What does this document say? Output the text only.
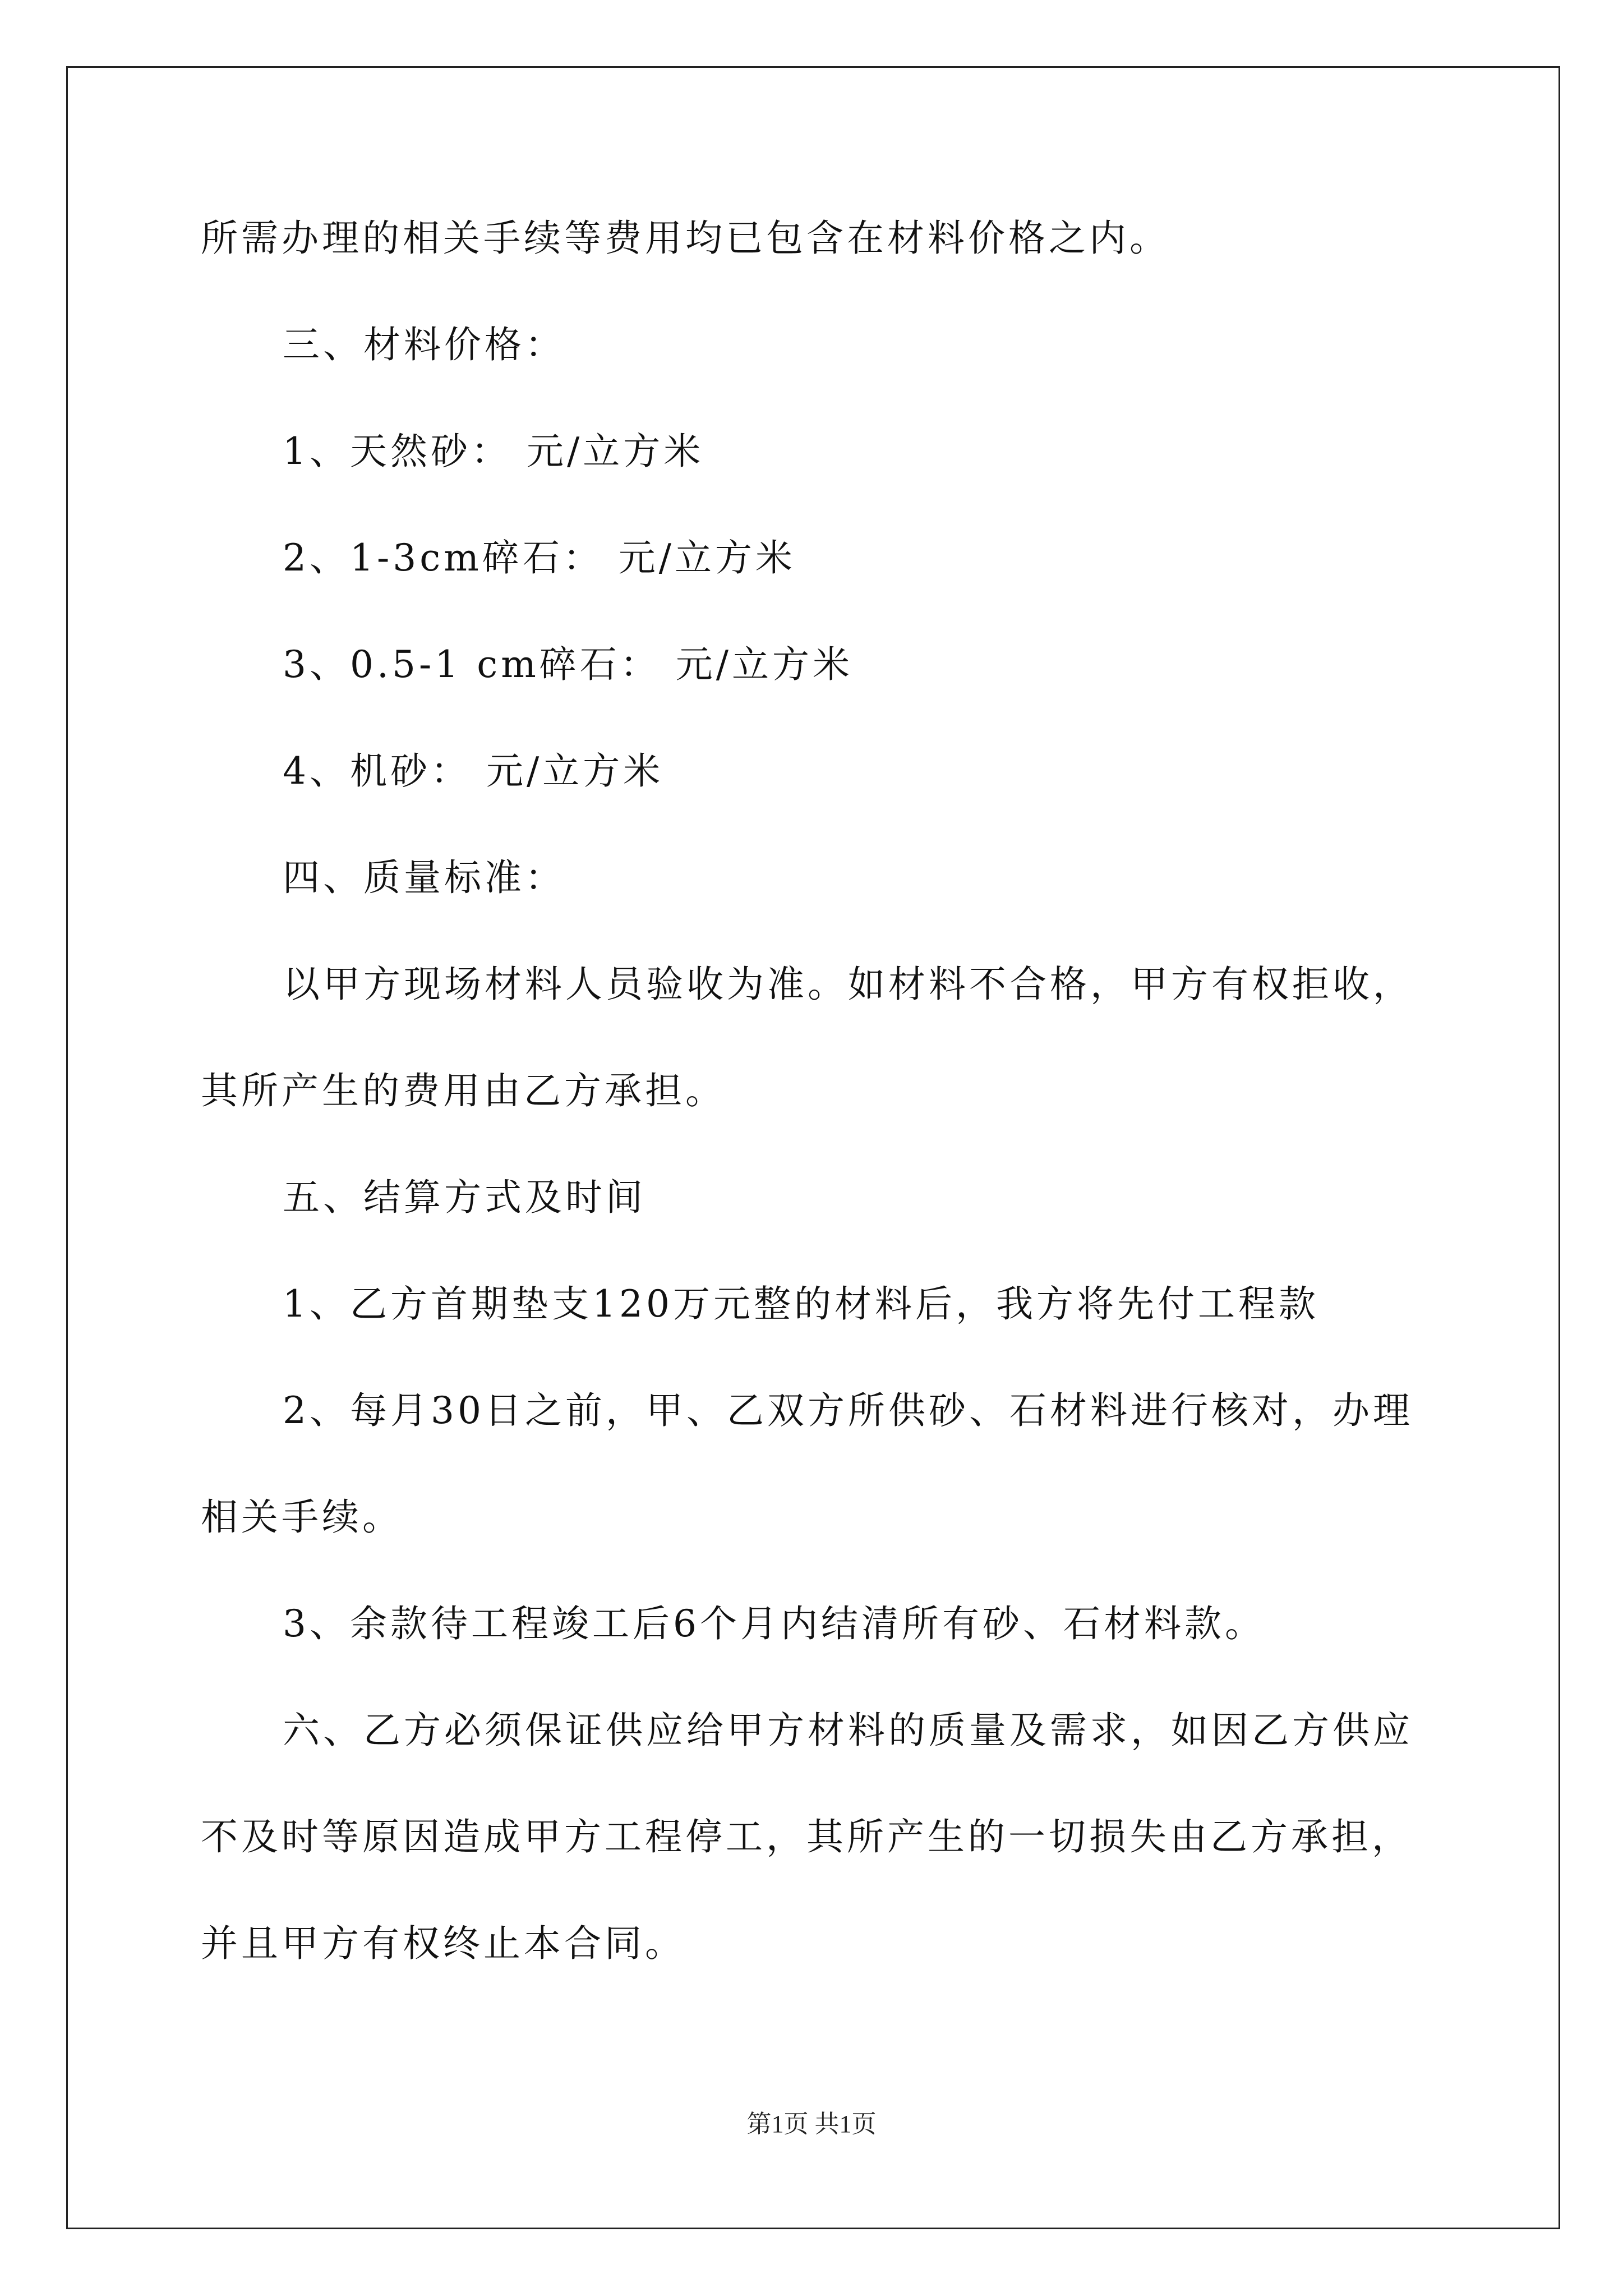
所需办理的相关手续等费用均已包含在材料价格之内。
三、材料价格：
1、天然砂： 元/立方米
2、1-3cm碎石： 元/立方米
3、0.5-1 cm碎石： 元/立方米
4、机砂： 元/立方米
四、质量标准：
以甲方现场材料人员验收为准。如材料不合格，甲方有权拒收，
其所产生的费用由乙方承担。
五、结算方式及时间
1、乙方首期垫支120万元整的材料后，我方将先付工程款
2、每月30日之前，甲、乙双方所供砂、石材料进行核对，办理
相关手续。
3、余款待工程竣工后6个月内结清所有砂、石材料款。
六、乙方必须保证供应给甲方材料的质量及需求，如因乙方供应
不及时等原因造成甲方工程停工，其所产生的一切损失由乙方承担，
并且甲方有权终止本合同。
第1页 共1页
